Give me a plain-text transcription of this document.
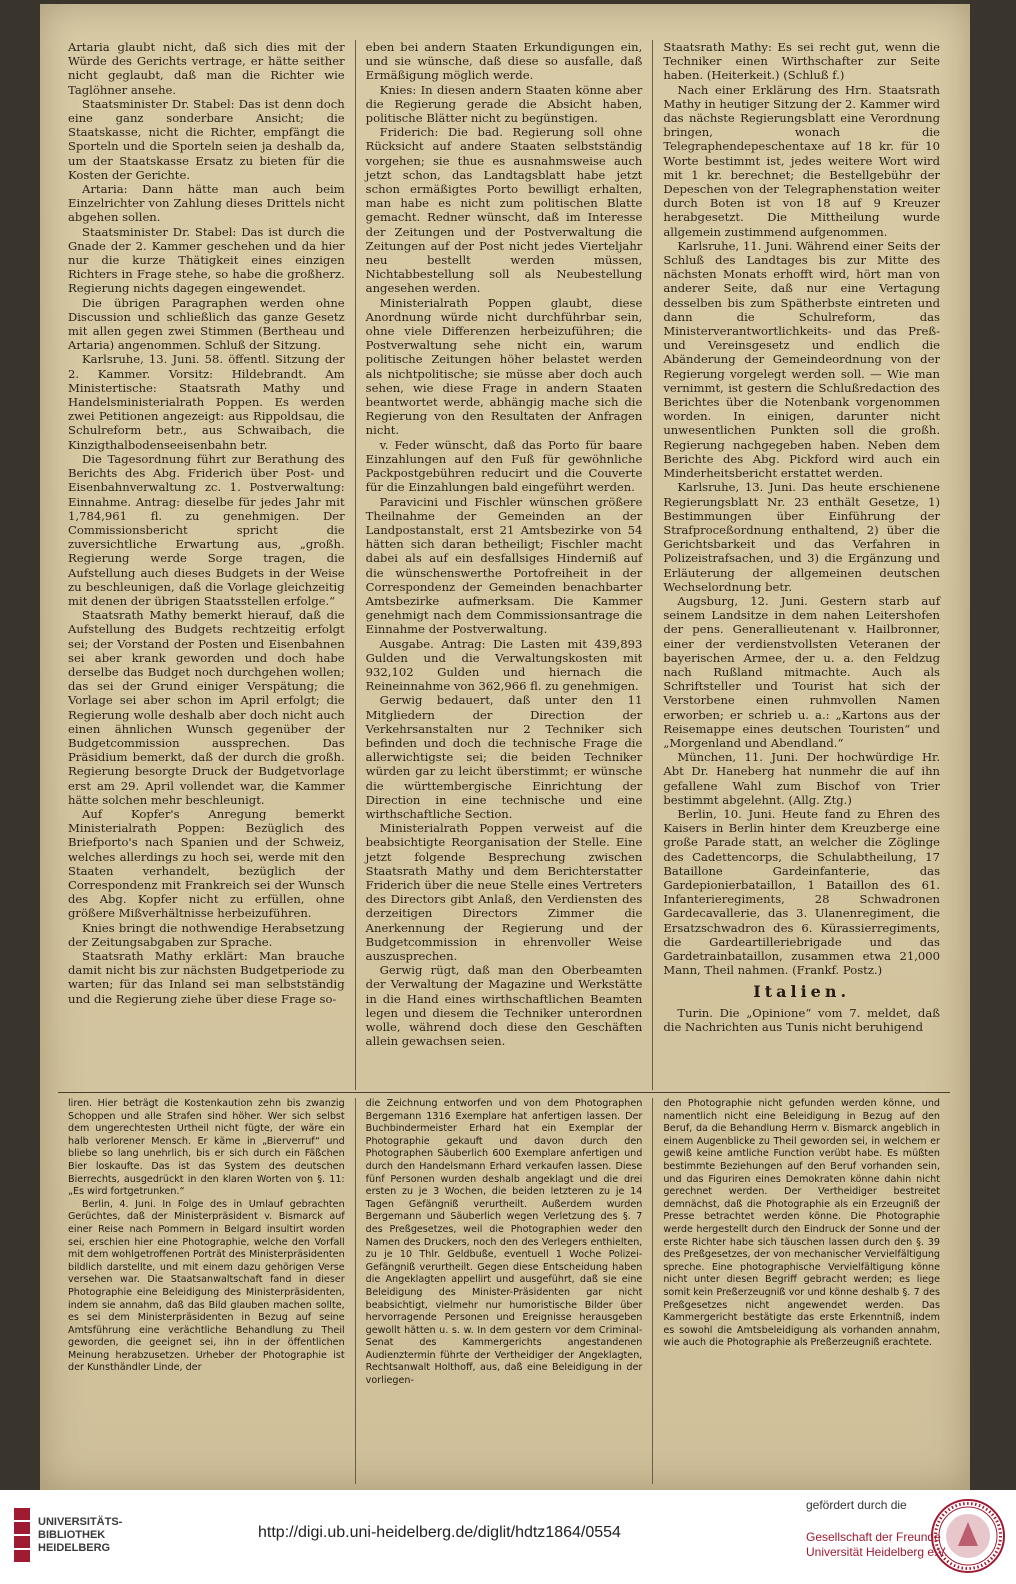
Artaria glaubt nicht, daß sich dies mit der Würde des Gerichts vertrage, er hätte seither nicht geglaubt, daß man die Richter wie Taglöhner ansehe.

Staatsminister Dr. Stabel: Das ist denn doch eine ganz sonderbare Ansicht; die Staatskasse, nicht die Richter, empfängt die Sporteln und die Sporteln seien ja deshalb da, um der Staatskasse Ersatz zu bieten für die Kosten der Gerichte.

Artaria: Dann hätte man auch beim Einzelrichter von Zahlung dieses Drittels nicht abgehen sollen.

Staatsminister Dr. Stabel: Das ist durch die Gnade der 2. Kammer geschehen und da hier nur die kurze Thätigkeit eines einzigen Richters in Frage stehe, so habe die großherz. Regierung nichts dagegen eingewendet.

Die übrigen Paragraphen werden ohne Discussion und schließlich das ganze Gesetz mit allen gegen zwei Stimmen (Bertheau und Artaria) angenommen. Schluß der Sitzung.

Karlsruhe, 13. Juni. 58. öffentl. Sitzung der 2. Kammer. Vorsitz: Hildebrandt. Am Ministertische: Staatsrath Mathy und Handelsministerialrath Poppen. Es werden zwei Petitionen angezeigt: aus Rippoldsau, die Schulreform betr., aus Schwaibach, die Kinzigthalbodenseeisenbahn betr.

Die Tagesordnung führt zur Berathung des Berichts des Abg. Friderich über Post- und Eisenbahnverwaltung zc. 1. Postverwaltung: Einnahme. Antrag: dieselbe für jedes Jahr mit 1,784,961 fl. zu genehmigen. Der Commissionsbericht spricht die zuversichtliche Erwartung aus, „großh. Regierung werde Sorge tragen, die Aufstellung auch dieses Budgets in der Weise zu beschleunigen, daß die Vorlage gleichzeitig mit denen der übrigen Staatsstellen erfolge.“

Staatsrath Mathy bemerkt hierauf, daß die Aufstellung des Budgets rechtzeitig erfolgt sei; der Vorstand der Posten und Eisenbahnen sei aber krank geworden und doch habe derselbe das Budget noch durchgehen wollen; das sei der Grund einiger Verspätung; die Vorlage sei aber schon im April erfolgt; die Regierung wolle deshalb aber doch nicht auch einen ähnlichen Wunsch gegenüber der Budgetcommission aussprechen. Das Präsidium bemerkt, daß der durch die großh. Regierung besorgte Druck der Budgetvorlage erst am 29. April vollendet war, die Kammer hätte solchen mehr beschleunigt.

Auf Kopfer's Anregung bemerkt Ministerialrath Poppen: Bezüglich des Briefporto's nach Spanien und der Schweiz, welches allerdings zu hoch sei, werde mit den Staaten verhandelt, bezüglich der Correspondenz mit Frankreich sei der Wunsch des Abg. Kopfer nicht zu erfüllen, ohne größere Mißverhältnisse herbeizuführen.

Knies bringt die nothwendige Herabsetzung der Zeitungsabgaben zur Sprache.

Staatsrath Mathy erklärt: Man brauche damit nicht bis zur nächsten Budgetperiode zu warten; für das Inland sei man selbstständig und die Regierung ziehe über diese Frage so-

eben bei andern Staaten Erkundigungen ein, und sie wünsche, daß diese so ausfalle, daß Ermäßigung möglich werde.

Knies: In diesen andern Staaten könne aber die Regierung gerade die Absicht haben, politische Blätter nicht zu begünstigen.

Friderich: Die bad. Regierung soll ohne Rücksicht auf andere Staaten selbstständig vorgehen; sie thue es ausnahmsweise auch jetzt schon, das Landtagsblatt habe jetzt schon ermäßigtes Porto bewilligt erhalten, man habe es nicht zum politischen Blatte gemacht. Redner wünscht, daß im Interesse der Zeitungen und der Postverwaltung die Zeitungen auf der Post nicht jedes Vierteljahr neu bestellt werden müssen, Nichtabbestellung soll als Neubestellung angesehen werden.

Ministerialrath Poppen glaubt, diese Anordnung würde nicht durchführbar sein, ohne viele Differenzen herbeizuführen; die Postverwaltung sehe nicht ein, warum politische Zeitungen höher belastet werden als nichtpolitische; sie müsse aber doch auch sehen, wie diese Frage in andern Staaten beantwortet werde, abhängig mache sich die Regierung von den Resultaten der Anfragen nicht.

v. Feder wünscht, daß das Porto für baare Einzahlungen auf den Fuß für gewöhnliche Packpostgebühren reducirt und die Couverte für die Einzahlungen bald eingeführt werden.

Paravicini und Fischler wünschen größere Theilnahme der Gemeinden an der Landpostanstalt, erst 21 Amtsbezirke von 54 hätten sich daran betheiligt; Fischler macht dabei als auf ein desfallsiges Hinderniß auf die wünschenswerthe Portofreiheit in der Correspondenz der Gemeinden benachbarter Amtsbezirke aufmerksam. Die Kammer genehmigt nach dem Commissionsantrage die Einnahme der Postverwaltung.

Ausgabe. Antrag: Die Lasten mit 439,893 Gulden und die Verwaltungskosten mit 932,102 Gulden und hiernach die Reineinnahme von 362,966 fl. zu genehmigen.

Gerwig bedauert, daß unter den 11 Mitgliedern der Direction der Verkehrsanstalten nur 2 Techniker sich befinden und doch die technische Frage die allerwichtigste sei; die beiden Techniker würden gar zu leicht überstimmt; er wünsche die württembergische Einrichtung der Direction in eine technische und eine wirthschaftliche Section.

Ministerialrath Poppen verweist auf die beabsichtigte Reorganisation der Stelle. Eine jetzt folgende Besprechung zwischen Staatsrath Mathy und dem Berichterstatter Friderich über die neue Stelle eines Vertreters des Directors gibt Anlaß, den Verdiensten des derzeitigen Directors Zimmer die Anerkennung der Regierung und der Budgetcommission in ehrenvoller Weise auszusprechen.

Gerwig rügt, daß man den Oberbeamten der Verwaltung der Magazine und Werkstätte in die Hand eines wirthschaftlichen Beamten legen und diesem die Techniker unterordnen wolle, während doch diese den Geschäften allein gewachsen seien.

Staatsrath Mathy: Es sei recht gut, wenn die Techniker einen Wirthschafter zur Seite haben. (Heiterkeit.) (Schluß f.)

Nach einer Erklärung des Hrn. Staatsrath Mathy in heutiger Sitzung der 2. Kammer wird das nächste Regierungsblatt eine Verordnung bringen, wonach die Telegraphendepeschentaxe auf 18 kr. für 10 Worte bestimmt ist, jedes weitere Wort wird mit 1 kr. berechnet; die Bestellgebühr der Depeschen von der Telegraphenstation weiter durch Boten ist von 18 auf 9 Kreuzer herabgesetzt. Die Mittheilung wurde allgemein zustimmend aufgenommen.

Karlsruhe, 11. Juni. Während einer Seits der Schluß des Landtages bis zur Mitte des nächsten Monats erhofft wird, hört man von anderer Seite, daß nur eine Vertagung desselben bis zum Spätherbste eintreten und dann die Schulreform, das Ministerverantwortlichkeits- und das Preß- und Vereinsgesetz und endlich die Abänderung der Gemeindeordnung von der Regierung vorgelegt werden soll. — Wie man vernimmt, ist gestern die Schlußredaction des Berichtes über die Notenbank vorgenommen worden. In einigen, darunter nicht unwesentlichen Punkten soll die großh. Regierung nachgegeben haben. Neben dem Berichte des Abg. Pickford wird auch ein Minderheitsbericht erstattet werden.

Karlsruhe, 13. Juni. Das heute erschienene Regierungsblatt Nr. 23 enthält Gesetze, 1) Bestimmungen über Einführung der Strafproceßordnung enthaltend, 2) über die Gerichtsbarkeit und das Verfahren in Polizeistrafsachen, und 3) die Ergänzung und Erläuterung der allgemeinen deutschen Wechselordnung betr.

Augsburg, 12. Juni. Gestern starb auf seinem Landsitze in dem nahen Leitershofen der pens. Generallieutenant v. Hailbronner, einer der verdienstvollsten Veteranen der bayerischen Armee, der u. a. den Feldzug nach Rußland mitmachte. Auch als Schriftsteller und Tourist hat sich der Verstorbene einen ruhmvollen Namen erworben; er schrieb u. a.: „Kartons aus der Reisemappe eines deutschen Touristen“ und „Morgenland und Abendland.“

München, 11. Juni. Der hochwürdige Hr. Abt Dr. Haneberg hat nunmehr die auf ihn gefallene Wahl zum Bischof von Trier bestimmt abgelehnt. (Allg. Ztg.)

Berlin, 10. Juni. Heute fand zu Ehren des Kaisers in Berlin hinter dem Kreuzberge eine große Parade statt, an welcher die Zöglinge des Cadettencorps, die Schulabtheilung, 17 Bataillone Gardeinfanterie, das Gardepionierbataillon, 1 Bataillon des 61. Infanterieregiments, 28 Schwadronen Gardecavallerie, das 3. Ulanenregiment, die Ersatzschwadron des 6. Kürassierregiments, die Gardeartilleriebrigade und das Gardetrainbataillon, zusammen etwa 21,000 Mann, Theil nahmen. (Frankf. Postz.)

Italien.

Turin. Die „Opinione“ vom 7. meldet, daß die Nachrichten aus Tunis nicht beruhigend

liren. Hier beträgt die Kostenkaution zehn bis zwanzig Schoppen und alle Strafen sind höher. Wer sich selbst dem ungerechtesten Urtheil nicht fügte, der wäre ein halb verlorener Mensch. Er käme in „Bierverruf“ und bliebe so lang unehrlich, bis er sich durch ein Fäßchen Bier loskaufte. Das ist das System des deutschen Bierrechts, ausgedrückt in den klaren Worten von §. 11: „Es wird fortgetrunken.“

Berlin, 4. Juni. In Folge des in Umlauf gebrachten Gerüchtes, daß der Ministerpräsident v. Bismarck auf einer Reise nach Pommern in Belgard insultirt worden sei, erschien hier eine Photographie, welche den Vorfall mit dem wohlgetroffenen Porträt des Ministerpräsidenten bildlich darstellte, und mit einem dazu gehörigen Verse versehen war. Die Staatsanwaltschaft fand in dieser Photographie eine Beleidigung des Ministerpräsidenten, indem sie annahm, daß das Bild glauben machen sollte, es sei dem Ministerpräsidenten in Bezug auf seine Amtsführung eine verächtliche Behandlung zu Theil geworden, die geeignet sei, ihn in der öffentlichen Meinung herabzusetzen. Urheber der Photographie ist der Kunsthändler Linde, der

die Zeichnung entworfen und von dem Photographen Bergemann 1316 Exemplare hat anfertigen lassen. Der Buchbindermeister Erhard hat ein Exemplar der Photographie gekauft und davon durch den Photographen Säuberlich 600 Exemplare anfertigen und durch den Handelsmann Erhard verkaufen lassen. Diese fünf Personen wurden deshalb angeklagt und die drei ersten zu je 3 Wochen, die beiden letzteren zu je 14 Tagen Gefängniß verurtheilt. Außerdem wurden Bergemann und Säuberlich wegen Verletzung des §. 7 des Preßgesetzes, weil die Photographien weder den Namen des Druckers, noch den des Verlegers enthielten, zu je 10 Thlr. Geldbuße, eventuell 1 Woche Polizei-Gefängniß verurtheilt. Gegen diese Entscheidung haben die Angeklagten appellirt und ausgeführt, daß sie eine Beleidigung des Minister-Präsidenten gar nicht beabsichtigt, vielmehr nur humoristische Bilder über hervorragende Personen und Ereignisse herausgeben gewollt hätten u. s. w. In dem gestern vor dem Criminal-Senat des Kammergerichts angestandenen Audienztermin führte der Vertheidiger der Angeklagten, Rechtsanwalt Holthoff, aus, daß eine Beleidigung in der vorliegen-

den Photographie nicht gefunden werden könne, und namentlich nicht eine Beleidigung in Bezug auf den Beruf, da die Behandlung Herrn v. Bismarck angeblich in einem Augenblicke zu Theil geworden sei, in welchem er gewiß keine amtliche Function verübt habe. Es müßten bestimmte Beziehungen auf den Beruf vorhanden sein, und das Figuriren eines Demokraten könne dahin nicht gerechnet werden. Der Vertheidiger bestreitet demnächst, daß die Photographie als ein Erzeugniß der Presse betrachtet werden könne. Die Photographie werde hergestellt durch den Eindruck der Sonne und der erste Richter habe sich täuschen lassen durch den §. 39 des Preßgesetzes, der von mechanischer Vervielfältigung spreche. Eine photographische Vervielfältigung könne nicht unter diesen Begriff gebracht werden; es liege somit kein Preßerzeugniß vor und könne deshalb §. 7 des Preßgesetzes nicht angewendet werden. Das Kammergericht bestätigte das erste Erkenntniß, indem es sowohl die Amtsbeleidigung als vorhanden annahm, wie auch die Photographie als Preßerzeugniß erachtete.

UNIVERSITÄTS-
BIBLIOTHEK
HEIDELBERG
http://digi.ub.uni-heidelberg.de/diglit/hdtz1864/0554
gefördert durch die
Gesellschaft der Freunde
Universität Heidelberg e.V.
